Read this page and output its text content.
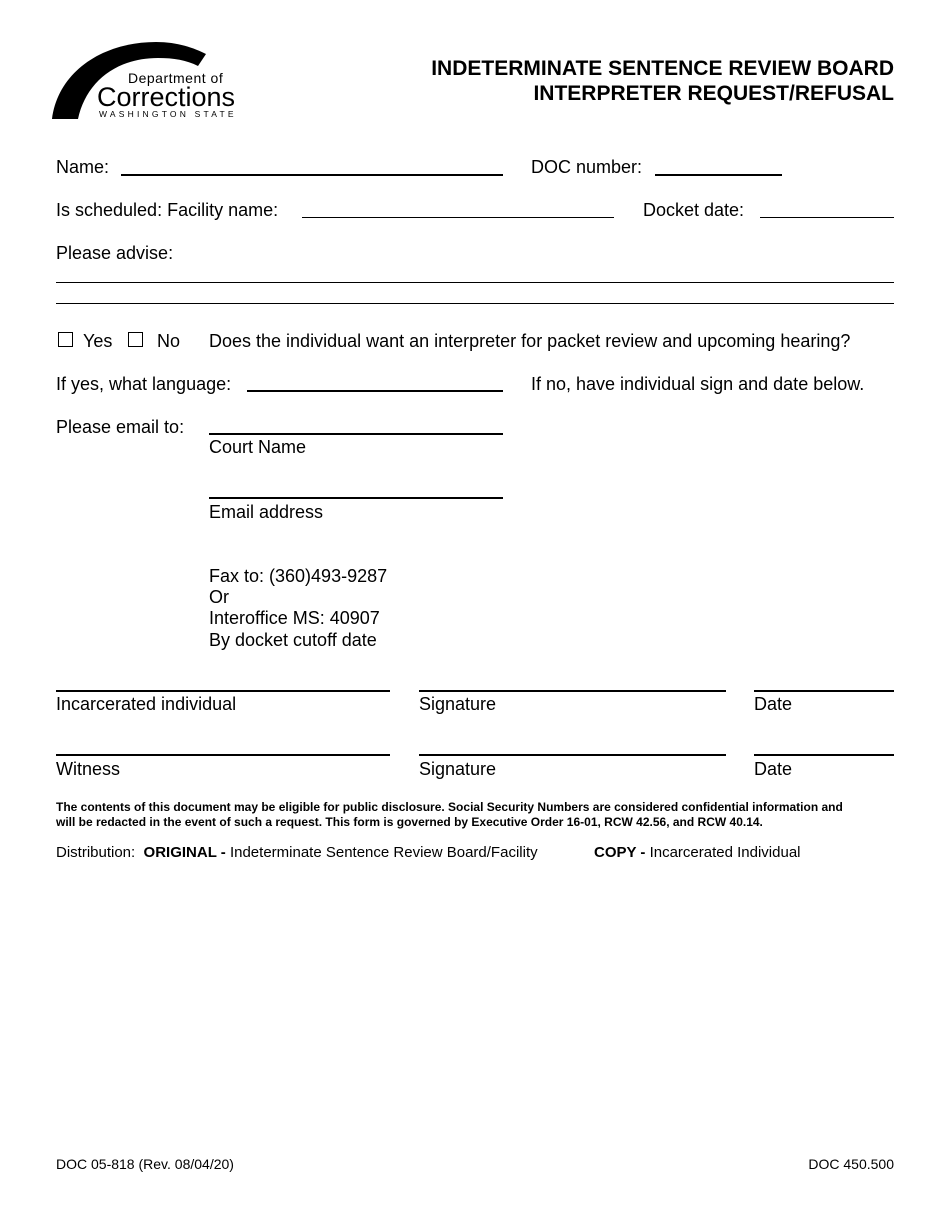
Department of
Corrections
WASHINGTON STATE
INDETERMINATE SENTENCE REVIEW BOARD
INTERPRETER REQUEST/REFUSAL
Name:	DOC number:
Is scheduled: Facility name:	Docket date:
Please advise:
Yes No Does the individual want an interpreter for packet review and upcoming hearing?
If yes, what language:	If no, have individual sign and date below.
Please email to:
Court Name
Email address
Fax to: (360)493-9287
Or
Interoffice MS: 40907
By docket cutoff date
Incarcerated individual	Signature	Date
Witness	Signature	Date
The contents of this document may be eligible for public disclosure. Social Security Numbers are considered confidential information and
will be redacted in the event of such a request. This form is governed by Executive Order 16-01, RCW 42.56, and RCW 40.14.
Distribution: ORIGINAL - Indeterminate Sentence Review Board/Facility	COPY - Incarcerated Individual
DOC 05-818 (Rev. 08/04/20)	DOC 450.500
